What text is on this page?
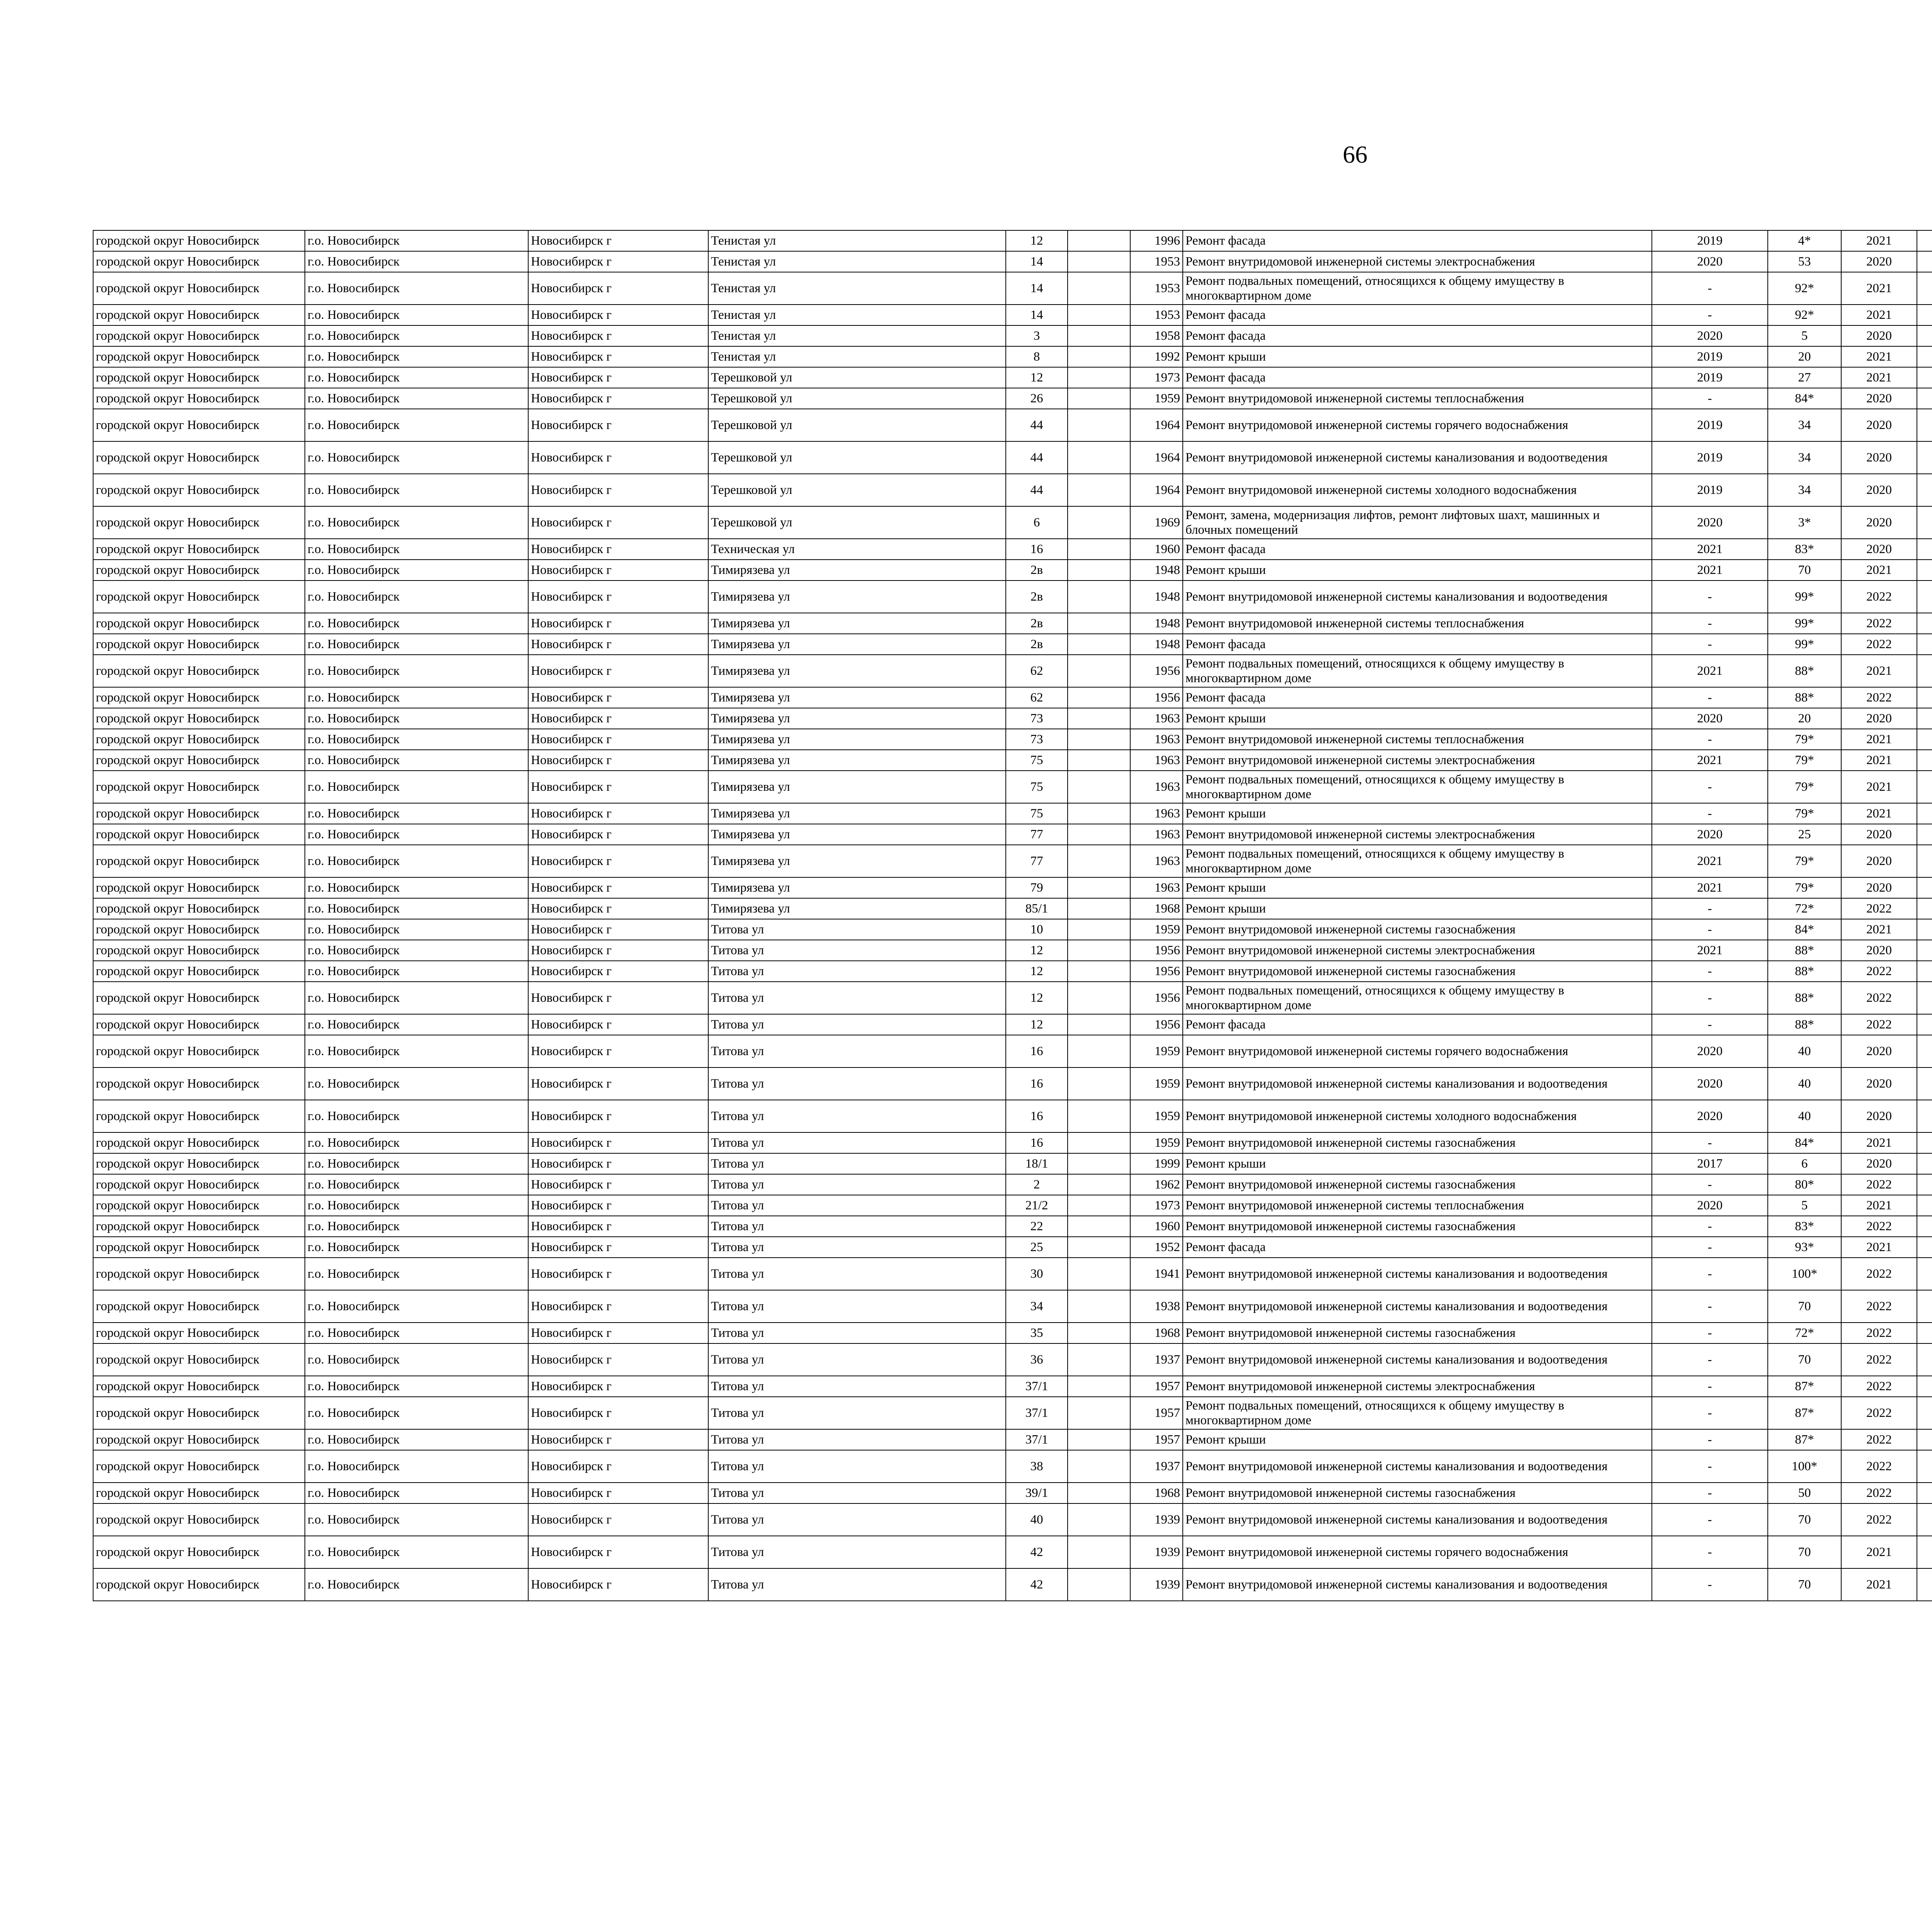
66
городской округ Новосибирск	г.о. Новосибирск	Новосибирск г	Тенистая ул	12		1996	Ремонт фасада	2019	4*	2021						
городской округ Новосибирск	г.о. Новосибирск	Новосибирск г	Тенистая ул	14		1953	Ремонт внутридомовой инженерной системы электроснабжения	2020	53	2020						
городской округ Новосибирск	г.о. Новосибирск	Новосибирск г	Тенистая ул	14		1953	Ремонт подвальных помещений, относящихся к общему имуществу в многоквартирном доме	-	92*	2021						
городской округ Новосибирск	г.о. Новосибирск	Новосибирск г	Тенистая ул	14		1953	Ремонт фасада	-	92*	2021						
городской округ Новосибирск	г.о. Новосибирск	Новосибирск г	Тенистая ул	3		1958	Ремонт фасада	2020	5	2020						
городской округ Новосибирск	г.о. Новосибирск	Новосибирск г	Тенистая ул	8		1992	Ремонт крыши	2019	20	2021						
городской округ Новосибирск	г.о. Новосибирск	Новосибирск г	Терешковой ул	12		1973	Ремонт фасада	2019	27	2021						
городской округ Новосибирск	г.о. Новосибирск	Новосибирск г	Терешковой ул	26		1959	Ремонт внутридомовой инженерной системы теплоснабжения	-	84*	2020						
городской округ Новосибирск	г.о. Новосибирск	Новосибирск г	Терешковой ул	44		1964	Ремонт внутридомовой инженерной системы горячего водоснабжения	2019	34	2020						
городской округ Новосибирск	г.о. Новосибирск	Новосибирск г	Терешковой ул	44		1964	Ремонт внутридомовой инженерной системы канализования и водоотведения	2019	34	2020						
городской округ Новосибирск	г.о. Новосибирск	Новосибирск г	Терешковой ул	44		1964	Ремонт внутридомовой инженерной системы холодного водоснабжения	2019	34	2020						
городской округ Новосибирск	г.о. Новосибирск	Новосибирск г	Терешковой ул	6		1969	Ремонт, замена, модернизация лифтов, ремонт лифтовых шахт, машинных и блочных помещений	2020	3*	2020						
городской округ Новосибирск	г.о. Новосибирск	Новосибирск г	Техническая ул	16		1960	Ремонт фасада	2021	83*	2020						
городской округ Новосибирск	г.о. Новосибирск	Новосибирск г	Тимирязева ул	2в		1948	Ремонт крыши	2021	70	2021						
городской округ Новосибирск	г.о. Новосибирск	Новосибирск г	Тимирязева ул	2в		1948	Ремонт внутридомовой инженерной системы канализования и водоотведения	-	99*	2022						
городской округ Новосибирск	г.о. Новосибирск	Новосибирск г	Тимирязева ул	2в		1948	Ремонт внутридомовой инженерной системы теплоснабжения	-	99*	2022						
городской округ Новосибирск	г.о. Новосибирск	Новосибирск г	Тимирязева ул	2в		1948	Ремонт фасада	-	99*	2022						
городской округ Новосибирск	г.о. Новосибирск	Новосибирск г	Тимирязева ул	62		1956	Ремонт подвальных помещений, относящихся к общему имуществу в многоквартирном доме	2021	88*	2021						
городской округ Новосибирск	г.о. Новосибирск	Новосибирск г	Тимирязева ул	62		1956	Ремонт фасада	-	88*	2022						
городской округ Новосибирск	г.о. Новосибирск	Новосибирск г	Тимирязева ул	73		1963	Ремонт крыши	2020	20	2020						
городской округ Новосибирск	г.о. Новосибирск	Новосибирск г	Тимирязева ул	73		1963	Ремонт внутридомовой инженерной системы теплоснабжения	-	79*	2021						
городской округ Новосибирск	г.о. Новосибирск	Новосибирск г	Тимирязева ул	75		1963	Ремонт внутридомовой инженерной системы электроснабжения	2021	79*	2021						
городской округ Новосибирск	г.о. Новосибирск	Новосибирск г	Тимирязева ул	75		1963	Ремонт подвальных помещений, относящихся к общему имуществу в многоквартирном доме	-	79*	2021						
городской округ Новосибирск	г.о. Новосибирск	Новосибирск г	Тимирязева ул	75		1963	Ремонт крыши	-	79*	2021						
городской округ Новосибирск	г.о. Новосибирск	Новосибирск г	Тимирязева ул	77		1963	Ремонт внутридомовой инженерной системы электроснабжения	2020	25	2020						
городской округ Новосибирск	г.о. Новосибирск	Новосибирск г	Тимирязева ул	77		1963	Ремонт подвальных помещений, относящихся к общему имуществу в многоквартирном доме	2021	79*	2020						
городской округ Новосибирск	г.о. Новосибирск	Новосибирск г	Тимирязева ул	79		1963	Ремонт крыши	2021	79*	2020						
городской округ Новосибирск	г.о. Новосибирск	Новосибирск г	Тимирязева ул	85/1		1968	Ремонт крыши	-	72*	2022						
городской округ Новосибирск	г.о. Новосибирск	Новосибирск г	Титова ул	10		1959	Ремонт внутридомовой инженерной системы газоснабжения	-	84*	2021						
городской округ Новосибирск	г.о. Новосибирск	Новосибирск г	Титова ул	12		1956	Ремонт внутридомовой инженерной системы электроснабжения	2021	88*	2020						
городской округ Новосибирск	г.о. Новосибирск	Новосибирск г	Титова ул	12		1956	Ремонт внутридомовой инженерной системы газоснабжения	-	88*	2022						
городской округ Новосибирск	г.о. Новосибирск	Новосибирск г	Титова ул	12		1956	Ремонт подвальных помещений, относящихся к общему имуществу в многоквартирном доме	-	88*	2022						
городской округ Новосибирск	г.о. Новосибирск	Новосибирск г	Титова ул	12		1956	Ремонт фасада	-	88*	2022						
городской округ Новосибирск	г.о. Новосибирск	Новосибирск г	Титова ул	16		1959	Ремонт внутридомовой инженерной системы горячего водоснабжения	2020	40	2020						
городской округ Новосибирск	г.о. Новосибирск	Новосибирск г	Титова ул	16		1959	Ремонт внутридомовой инженерной системы канализования и водоотведения	2020	40	2020						
городской округ Новосибирск	г.о. Новосибирск	Новосибирск г	Титова ул	16		1959	Ремонт внутридомовой инженерной системы холодного водоснабжения	2020	40	2020						
городской округ Новосибирск	г.о. Новосибирск	Новосибирск г	Титова ул	16		1959	Ремонт внутридомовой инженерной системы газоснабжения	-	84*	2021						
городской округ Новосибирск	г.о. Новосибирск	Новосибирск г	Титова ул	18/1		1999	Ремонт крыши	2017	6	2020						
городской округ Новосибирск	г.о. Новосибирск	Новосибирск г	Титова ул	2		1962	Ремонт внутридомовой инженерной системы газоснабжения	-	80*	2022						
городской округ Новосибирск	г.о. Новосибирск	Новосибирск г	Титова ул	21/2		1973	Ремонт внутридомовой инженерной системы теплоснабжения	2020	5	2021						
городской округ Новосибирск	г.о. Новосибирск	Новосибирск г	Титова ул	22		1960	Ремонт внутридомовой инженерной системы газоснабжения	-	83*	2022						
городской округ Новосибирск	г.о. Новосибирск	Новосибирск г	Титова ул	25		1952	Ремонт фасада	-	93*	2021						
городской округ Новосибирск	г.о. Новосибирск	Новосибирск г	Титова ул	30		1941	Ремонт внутридомовой инженерной системы канализования и водоотведения	-	100*	2022						
городской округ Новосибирск	г.о. Новосибирск	Новосибирск г	Титова ул	34		1938	Ремонт внутридомовой инженерной системы канализования и водоотведения	-	70	2022						
городской округ Новосибирск	г.о. Новосибирск	Новосибирск г	Титова ул	35		1968	Ремонт внутридомовой инженерной системы газоснабжения	-	72*	2022						
городской округ Новосибирск	г.о. Новосибирск	Новосибирск г	Титова ул	36		1937	Ремонт внутридомовой инженерной системы канализования и водоотведения	-	70	2022						
городской округ Новосибирск	г.о. Новосибирск	Новосибирск г	Титова ул	37/1		1957	Ремонт внутридомовой инженерной системы электроснабжения	-	87*	2022						
городской округ Новосибирск	г.о. Новосибирск	Новосибирск г	Титова ул	37/1		1957	Ремонт подвальных помещений, относящихся к общему имуществу в многоквартирном доме	-	87*	2022						
городской округ Новосибирск	г.о. Новосибирск	Новосибирск г	Титова ул	37/1		1957	Ремонт крыши	-	87*	2022						
городской округ Новосибирск	г.о. Новосибирск	Новосибирск г	Титова ул	38		1937	Ремонт внутридомовой инженерной системы канализования и водоотведения	-	100*	2022						
городской округ Новосибирск	г.о. Новосибирск	Новосибирск г	Титова ул	39/1		1968	Ремонт внутридомовой инженерной системы газоснабжения	-	50	2022						
городской округ Новосибирск	г.о. Новосибирск	Новосибирск г	Титова ул	40		1939	Ремонт внутридомовой инженерной системы канализования и водоотведения	-	70	2022						
городской округ Новосибирск	г.о. Новосибирск	Новосибирск г	Титова ул	42		1939	Ремонт внутридомовой инженерной системы горячего водоснабжения	-	70	2021						
городской округ Новосибирск	г.о. Новосибирск	Новосибирск г	Титова ул	42		1939	Ремонт внутридомовой инженерной системы канализования и водоотведения	-	70	2021						
